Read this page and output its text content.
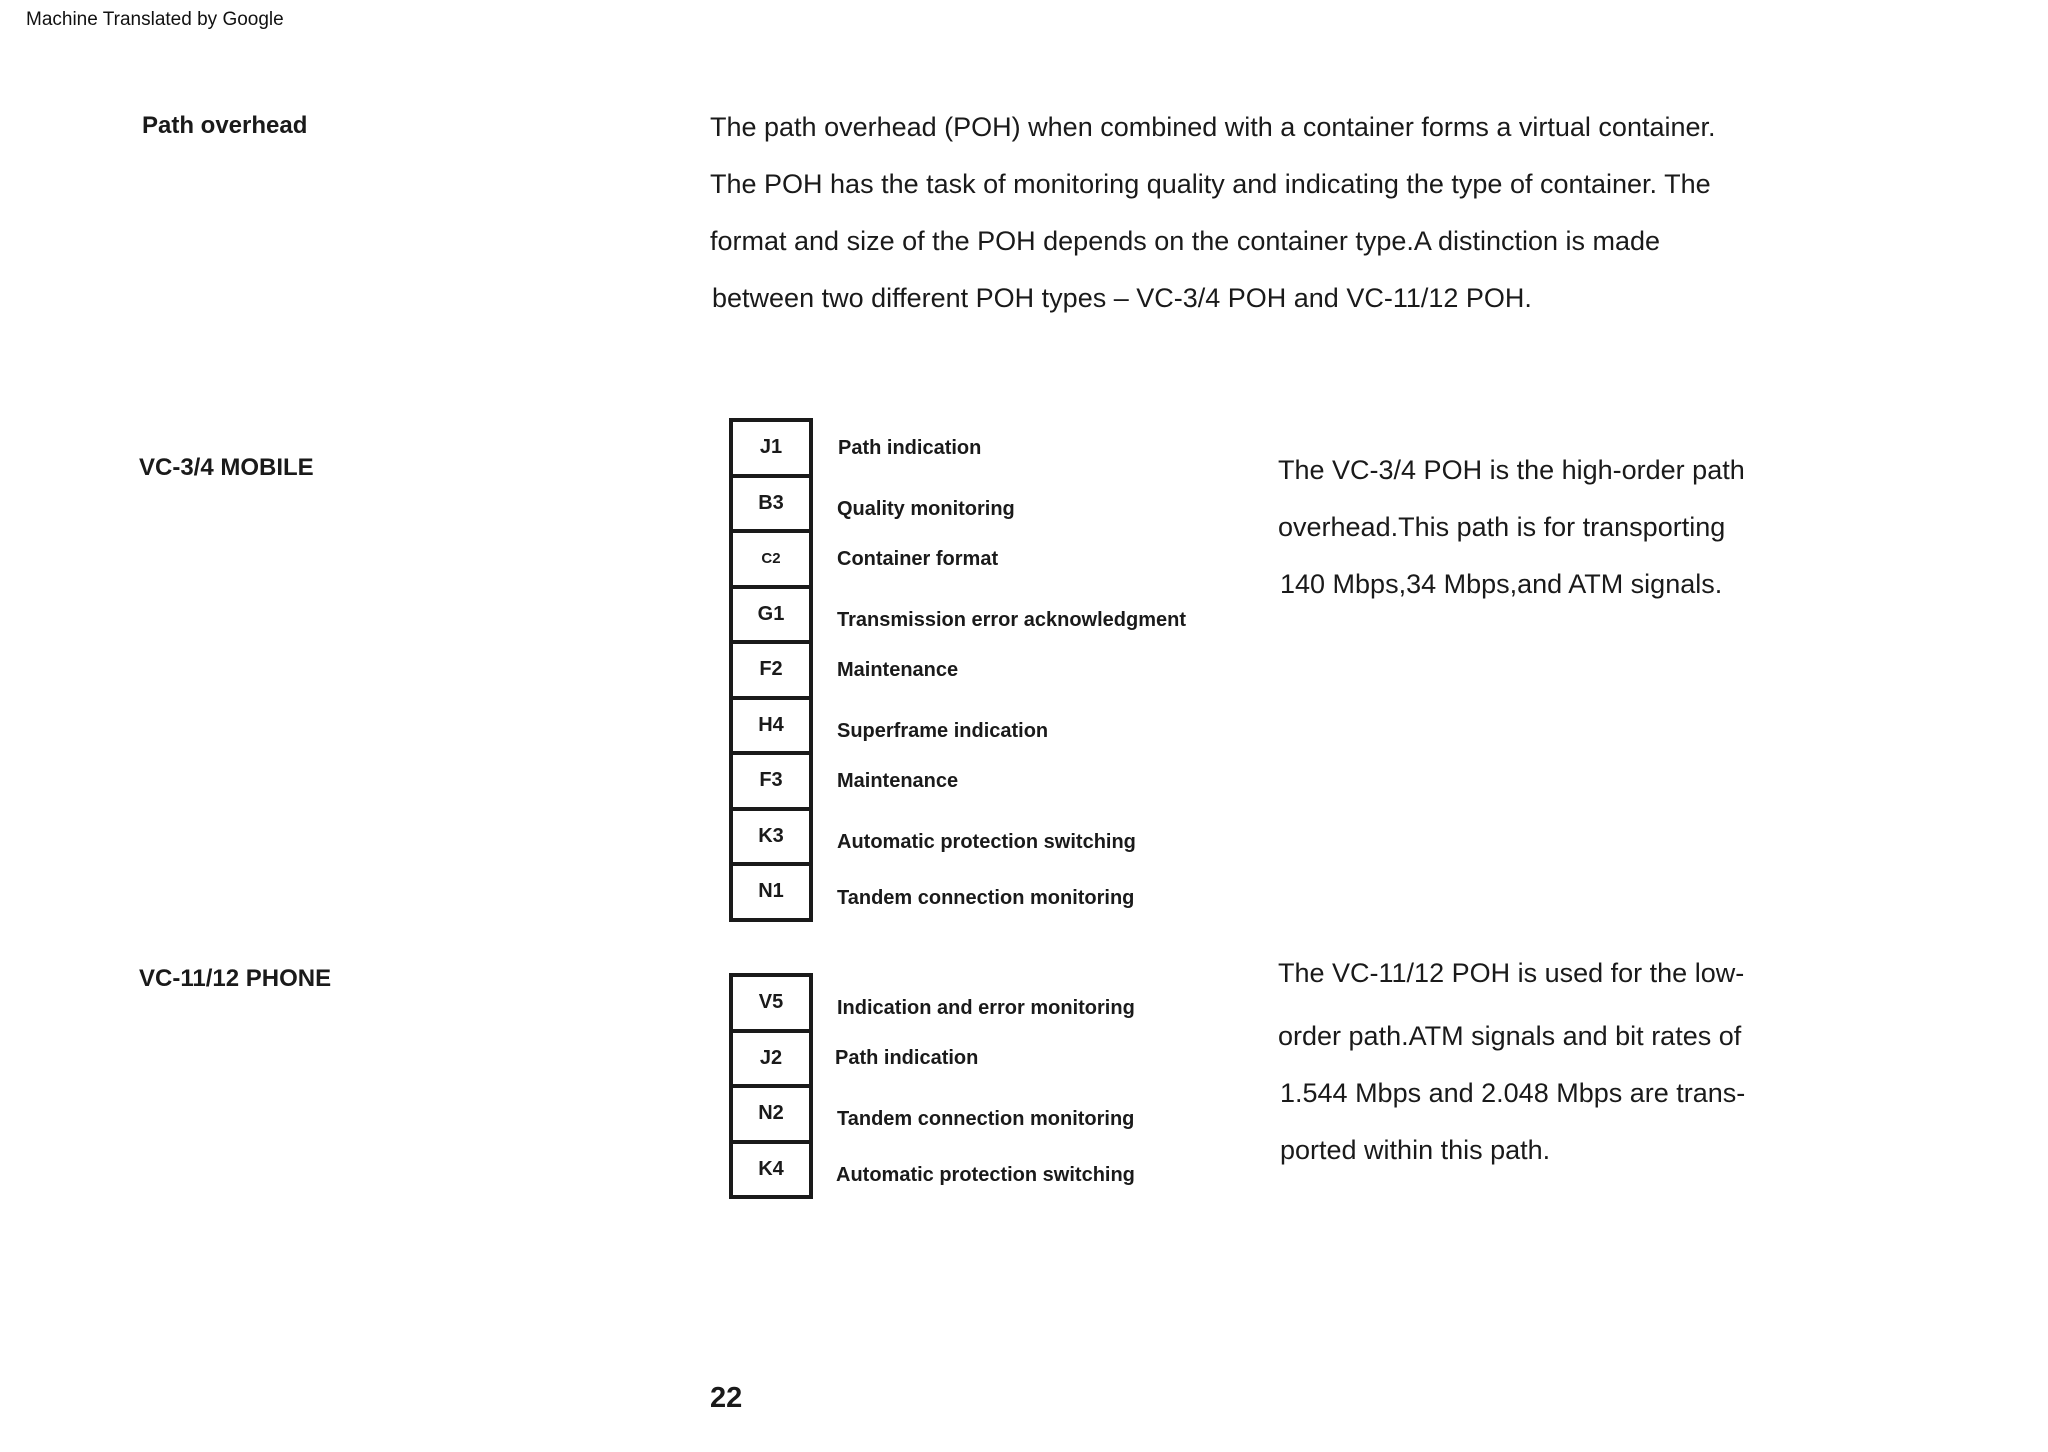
Machine Translated by Google
Path overhead	The path overhead (POH) when combined with a container forms a virtual container.
The POH has the task of monitoring quality and indicating the type of container. The
format and size of the POH depends on the container type.A distinction is made
between two different POH types – VC-3/4 POH and VC-11/12 POH.
VC-3/4 MOBILE
J1
B3
C2
G1
F2
H4
F3
K3
N1
Path indication
Quality monitoring
Container format
Transmission error acknowledgment
Maintenance
Superframe indication
Maintenance
Automatic protection switching
Tandem connection monitoring
The VC-3/4 POH is the high-order path
overhead.This path is for transporting
140 Mbps,34 Mbps,and ATM signals.
VC-11/12 PHONE
V5
J2
N2
K4
Indication and error monitoring
Path indication
Tandem connection monitoring
Automatic protection switching
The VC-11/12 POH is used for the low-
order path.ATM signals and bit rates of
1.544 Mbps and 2.048 Mbps are trans-
ported within this path.
22
